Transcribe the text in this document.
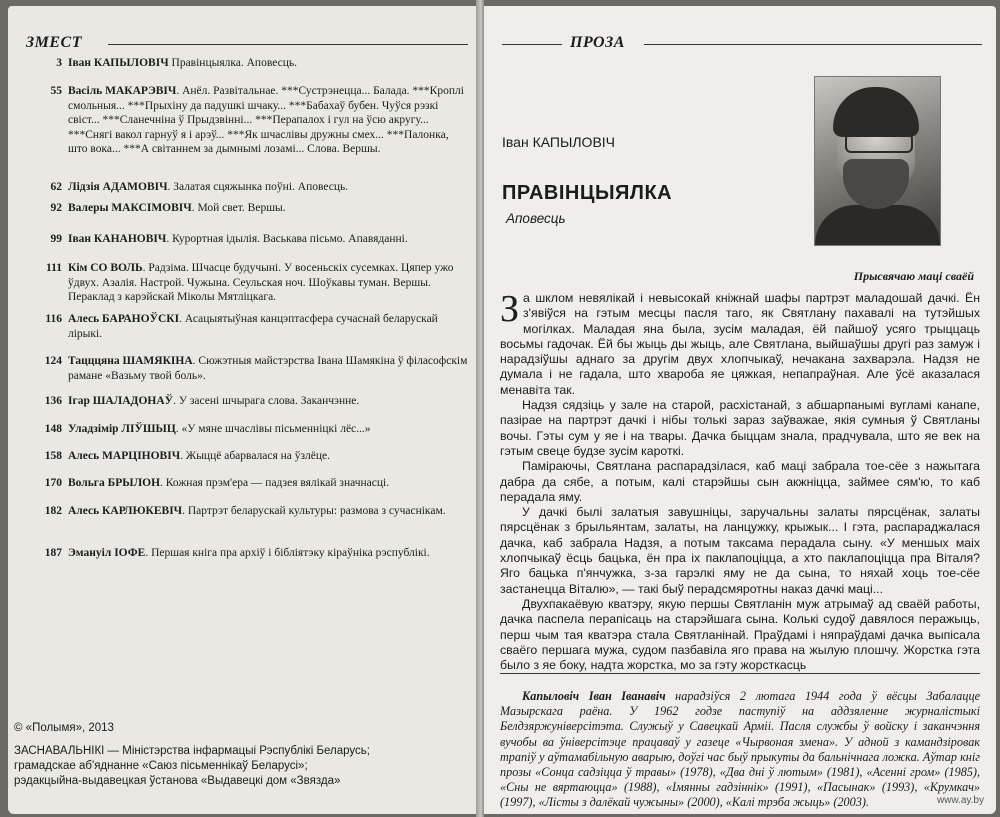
ЗМЕСТ
3 Іван КАПЫЛОВІЧ Правінцыялка. Аповесць.
55 Васіль МАКАРЭВІЧ. Анёл. Развітальнае. ***Сустрэнецца... Балада. ***Кроплі смольныя... ***Прыхіну да падушкі шчаку... ***Бабахаў бубен. Чуўся рэзкі свіст... ***Сланечніна ў Прыдзвінні... ***Перапалох і гул на ўсю акругу... ***Снягі вакол гарнуў я і арэў... ***Як шчаслівы дружны смех... ***Палонка, што вока... ***А світаннем за дымнымі лозамі... Слова. Вершы.
62 Лідзія АДАМОВІЧ. Залатая сцяжынка поўні. Аповесць.
92 Валеры МАКСІМОВІЧ. Мой свет. Вершы.
99 Іван КАНАНОВІЧ. Курортная ідылія. Васькава пісьмо. Апавяданні.
111 Кім СО ВОЛЬ. Радзіма. Шчасце будучыні. У восеньскіх сусемках. Цяпер ужо ўдвух. Азалія. Настрой. Чужына. Сеульская ноч. Шоўкавы туман. Вершы. Пераклад з карэйскай Міколы Мятліцкага.
116 Алесь БАРАНОЎСКІ. Асацыятыўная канцэптасфера сучаснай беларускай лірыкі.
124 Тацццяна ШАМЯКІНА. Сюжэтныя майстэрства Івана Шамякіна ў філасофскім рамане «Вазьму твой боль».
136 Ігар ШАЛАДОНАЎ. У засені шчырага слова. Заканчэнне.
148 Уладзімір ЛІЎШЫЦ. «У мяне шчаслівы пісьменніцкі лёс...»
158 Алесь МАРЦІНОВІЧ. Жыццё абарвалася на ўзлёце.
170 Вольга БРЫЛОН. Кожная прэм'ера — падзея вялікай значнасці.
182 Алесь КАРЛЮКЕВІЧ. Партрэт беларускай культуры: размова з сучаснікам.
187 Эмануіл ІОФЕ. Першая кніга пра архіў і бібліятэку кіраўніка рэспублікі.
© «Полымя», 2013
ЗАСНАВАЛЬНІКІ — Міністэрства інфармацыі Рэспублікі Беларусь;
грамадскае аб'яднанне «Саюз пісьменнікаў Беларусі»;
рэдакцыйна-выдавецкая ўстанова «Выдавецкі дом «Звязда»
ПРОЗА
Іван КАПЫЛОВІЧ
ПРАВІНЦЫЯЛКА
Аповесць
Прысвячаю маці сваёй

За шклом невялікай і невысокай кніжнай шафы партрэт маладошай дачкі. Ён з'явіўся на гэтым месцы пасля таго, як Святлану пахавалі на тутэйшых могілках. Маладая яна была, зусім маладая, ёй пайшоў усяго трыццаць восьмы гадочак. Ёй бы жыць ды жыць, але Святлана, выйшаўшы другі раз замуж і нарадзіўшы аднаго за другім двух хлопчыкаў, нечакана захварэла. Надзя не думала і не гадала, што хвароба яе цяжкая, непапраўная. Але ўсё аказалася менавіта так.

Надзя сядзіць у зале на старой, расхістанай, з абшарпанымі вугламі канапе, пазірае на партрэт дачкі і нібы толькі зараз заўважае, якія сумныя ў Святланы вочы. Гэты сум у яе і на твары. Дачка быццам знала, прадчувала, што яе век на гэтым свеце будзе зусім кароткі.

Паміраючы, Святлана распарадзілася, каб маці забрала тое-сёе з нажытага дабра да сябе, а потым, калі старэйшы сын акжніцца, займее сям'ю, то каб перадала яму.

У дачкі былі залатыя завушніцы, заручальны залаты пярсцёнак, залаты пярсцёнак з брыльянтам, залаты, на ланцужку, крыжык... І гэта, распараджалася дачка, каб забрала Надзя, а потым таксама перадала сыну. «У меншых маіх хлопчыкаў ёсць бацька, ён пра іх паклапоціцца, а хто паклапоціцца пра Віталя? Яго бацька п'янчужка, з-за гарэлкі яму не да сына, то няхай хоць тое-сёе застанецца Віталю», — такі быў перадсмяротны наказ дачкі маці...

Двухпакаёвую кватэру, якую першы Святланін муж атрымаў ад сваёй работы, дачка паспела перапісаць на старэйшага сына. Колькі судоў давялося перажыць, перш чым тая кватэра стала Святланінай. Праўдамі і няпраўдамі дачка выпісала сваёго першага мужа, судом пазбавіла яго права на жылую плошчу. Жорстка гэта было з яе боку, надта жорстка, мо за гэту жорсткасць

Капыловіч Іван Іванавіч нарадзіўся 2 лютага 1944 года ў вёсцы Забалаццe Мазырскага раёна. У 1962 годзе паступіў на аддзяленне журналістыкі Белдзяржуніверсітэта. Служыў у Савецкай Арміі. Пасля службы ў войску і заканчэння вучобы ва ўніверсітэце працаваў у газеце «Чырвоная змена». У адной з камандзіровак трапіў у аўтамабільную аварыю, доўгі час быў прыкуты да бальнічнага ложка. Аўтар кніг прозы «Сонца садзіцца ў травы» (1978), «Два дні ў лютым» (1981), «Асенні гром» (1985), «Сны не вяртаюцца» (1988), «Імянны гадзіннік» (1991), «Пасынак» (1993), «Крумкач» (1997), «Лісты з далёкай чужыны» (2000), «Калі трэба жыць» (2003).	www.ay.by
